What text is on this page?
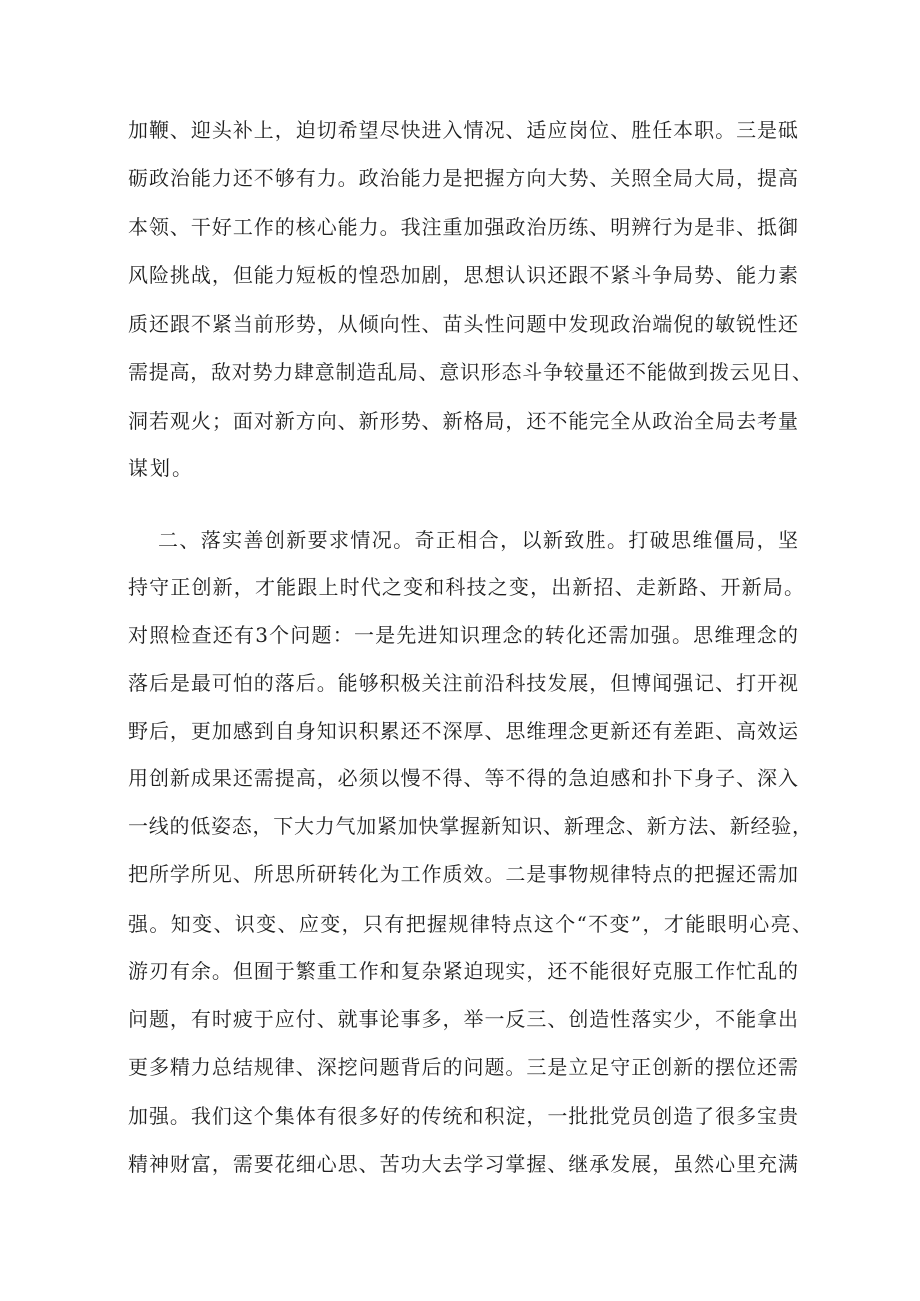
加鞭、迎头补上，迫切希望尽快进入情况、适应岗位、胜任本职。三是砥
砺政治能力还不够有力。政治能力是把握方向大势、关照全局大局，提高
本领、干好工作的核心能力。我注重加强政治历练、明辨行为是非、抵御
风险挑战，但能力短板的惶恐加剧，思想认识还跟不紧斗争局势、能力素
质还跟不紧当前形势，从倾向性、苗头性问题中发现政治端倪的敏锐性还
需提高，敌对势力肆意制造乱局、意识形态斗争较量还不能做到拨云见日、
洞若观火；面对新方向、新形势、新格局，还不能完全从政治全局去考量
谋划。
二、落实善创新要求情况。奇正相合，以新致胜。打破思维僵局，坚
持守正创新，才能跟上时代之变和科技之变，出新招、走新路、开新局。
对照检查还有3个问题：一是先进知识理念的转化还需加强。思维理念的
落后是最可怕的落后。能够积极关注前沿科技发展，但博闻强记、打开视
野后，更加感到自身知识积累还不深厚、思维理念更新还有差距、高效运
用创新成果还需提高，必须以慢不得、等不得的急迫感和扑下身子、深入
一线的低姿态，下大力气加紧加快掌握新知识、新理念、新方法、新经验，
把所学所见、所思所研转化为工作质效。二是事物规律特点的把握还需加
强。知变、识变、应变，只有把握规律特点这个“不变”，才能眼明心亮、
游刃有余。但囿于繁重工作和复杂紧迫现实，还不能很好克服工作忙乱的
问题，有时疲于应付、就事论事多，举一反三、创造性落实少，不能拿出
更多精力总结规律、深挖问题背后的问题。三是立足守正创新的摆位还需
加强。我们这个集体有很多好的传统和积淀，一批批党员创造了很多宝贵
精神财富，需要花细心思、苦功大去学习掌握、继承发展，虽然心里充满
